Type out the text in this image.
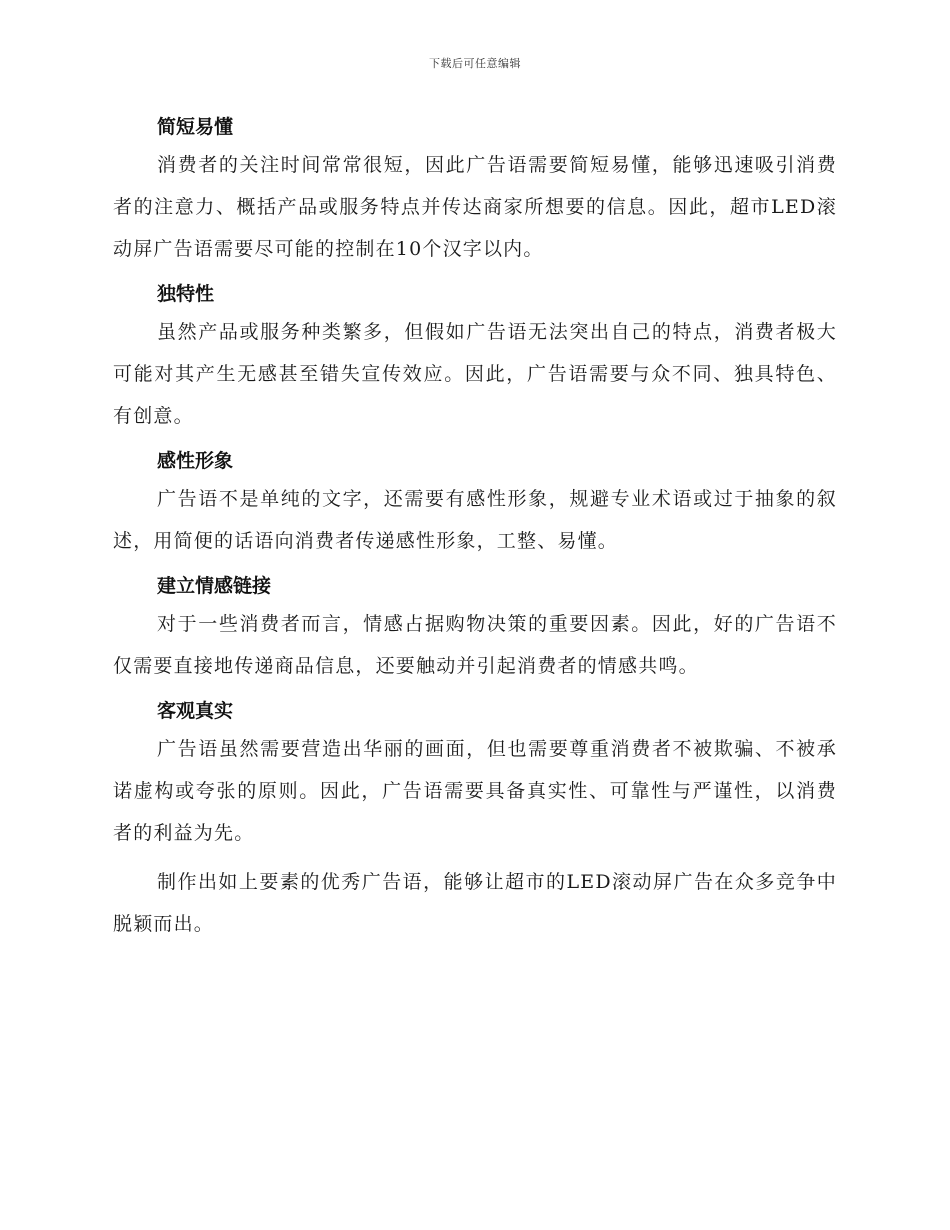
下载后可任意编辑
简短易懂

消费者的关注时间常常很短，因此广告语需要简短易懂，能够迅速吸引消费者的注意力、概括产品或服务特点并传达商家所想要的信息。因此，超市LED滚动屏广告语需要尽可能的控制在10个汉字以内。

独特性

虽然产品或服务种类繁多，但假如广告语无法突出自己的特点，消费者极大可能对其产生无感甚至错失宣传效应。因此，广告语需要与众不同、独具特色、有创意。

感性形象

广告语不是单纯的文字，还需要有感性形象，规避专业术语或过于抽象的叙述，用简便的话语向消费者传递感性形象，工整、易懂。

建立情感链接

对于一些消费者而言，情感占据购物决策的重要因素。因此，好的广告语不仅需要直接地传递商品信息，还要触动并引起消费者的情感共鸣。

客观真实

广告语虽然需要营造出华丽的画面，但也需要尊重消费者不被欺骗、不被承诺虚构或夸张的原则。因此，广告语需要具备真实性、可靠性与严谨性，以消费者的利益为先。

制作出如上要素的优秀广告语，能够让超市的LED滚动屏广告在众多竞争中脱颖而出。
